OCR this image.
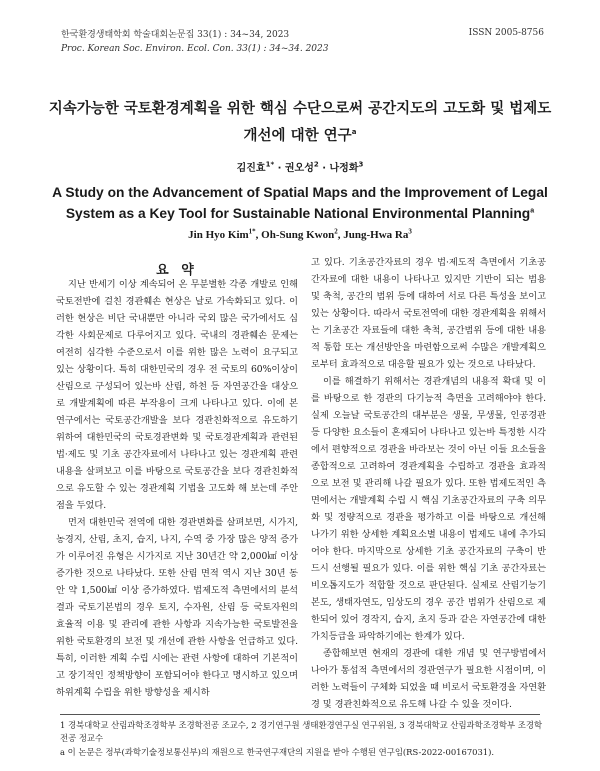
한국환경생태학회 학술대회논문집 33(1) : 34~34, 2023
Proc. Korean Soc. Environ. Ecol. Con. 33(1) : 34~34. 2023
ISSN 2005-8756
지속가능한 국토환경계획을 위한 핵심 수단으로써 공간지도의 고도화 및 법제도 개선에 대한 연구$^a$
김진효$^{1*}$ · 권오성$^2$ · 나정화$^3$
A Study on the Advancement of Spatial Maps and the Improvement of Legal System as a Key Tool for Sustainable National Environmental Planning$^a$
Jin Hyo Kim$^{1*}$, Oh-Sung Kwon$^2$, Jung-Hwa Ra$^3$
요 약

지난 반세기 이상 계속되어 온 무분별한 각종 개발로 인해 국토전반에 걸친 경관훼손 현상은 날로 가속화되고 있다. 이러한 현상은 비단 국내뿐만 아니라 국외 많은 국가에서도 심각한 사회문제로 다루어지고 있다. 국내의 경관훼손 문제는 여전히 심각한 수준으로서 이를 위한 많은 노력이 요구되고 있는 상황이다. 특히 대한민국의 경우 전 국토의 60%이상이 산림으로 구성되어 있는바 산림, 하천 등 자연공간을 대상으로 개발계획에 따른 부작용이 크게 나타나고 있다. 이에 본 연구에서는 국토공간개발을 보다 경관친화적으로 유도하기 위하여 대한민국의 국토경관변화 및 국토경관계획과 관련된 법·제도 및 기초 공간자료에서 나타나고 있는 경관계획 관련 내용을 살펴보고 이를 바탕으로 국토공간을 보다 경관친화적으로 유도할 수 있는 경관계획 기법을 고도화 해 보는데 주안점을 두었다.

먼저 대한민국 전역에 대한 경관변화를 살펴보면, 시가지, 농경지, 산림, 초지, 습지, 나지, 수역 중 가장 많은 양적 증가가 이루어진 유형은 시가지로 지난 30년간 약 2,000㎢ 이상 증가한 것으로 나타났다. 또한 산림 면적 역시 지난 30년 동안 약 1,500㎢ 이상 증가하였다. 법제도적 측면에서의 분석 결과 국토기본법의 경우 토지, 수자원, 산림 등 국토자원의 효율적 이용 및 관리에 관한 사항과 지속가능한 국토발전을 위한 국토환경의 보전 및 개선에 관한 사항을 언급하고 있다. 특히, 이러한 계획 수립 시에는 관련 사항에 대하여 기본적이고 장기적인 정책방향이 포함되어야 한다고 명시하고 있으며 하위계획 수립을 위한 방향성을 제시하

고 있다. 기초공간자료의 경우 법·제도적 측면에서 기초공간자료에 대한 내용이 나타나고 있지만 기반이 되는 범용 및 축척, 공간의 범위 등에 대하여 서로 다른 특성을 보이고 있는 상황이다. 따라서 국토전역에 대한 경관계획을 위해서는 기초공간 자료들에 대한 축척, 공간범위 등에 대한 내용적 통합 또는 개선방안을 마련함으로써 수많은 개발계획으로부터 효과적으로 대응할 필요가 있는 것으로 나타났다.

이를 해결하기 위해서는 경관개념의 내용적 확대 및 이를 바탕으로 한 경관의 다기능적 측면을 고려해야야 한다. 실제 오늘날 국토공간의 대부분은 생물, 무생물, 인공경관 등 다양한 요소들이 혼재되어 나타나고 있는바 특정한 시각에서 편향적으로 경관을 바라보는 것이 아닌 이들 요소들을 종합적으로 고려하여 경관계획을 수립하고 경관을 효과적으로 보전 및 관리해 나갈 필요가 있다. 또한 법제도적인 측면에서는 개발계획 수립 시 핵심 기초공간자료의 구축 의무화 및 정량적으로 경관을 평가하고 이를 바탕으로 개선해 나가기 위한 상세한 계획요소별 내용이 법제도 내에 추가되어야 한다. 마지막으로 상세한 기초 공간자료의 구축이 반드시 선행될 필요가 있다. 이를 위한 핵심 기초 공간자료는 비오톱지도가 적합할 것으로 판단된다. 실제로 산림기능기본도, 생태자연도, 임상도의 경우 공간 범위가 산림으로 제한되어 있어 경작지, 습지, 초지 등과 같은 자연공간에 대한 가치등급을 파악하기에는 한계가 있다.

종합해보면 현재의 경관에 대한 개념 및 연구방법에서 나아가 통섭적 측면에서의 경관연구가 필요한 시점이며, 이러한 노력들이 구체화 되었을 때 비로서 국토환경을 자연환경 및 경관친화적으로 유도해 나갈 수 있을 것이다.

1 경북대학교 산림과학조경학부 조경학전공 조교수, 2 경기연구원 생태환경연구실 연구위원, 3 경북대학교 산림과학조경학부 조경학전공 정교수
a 이 논문은 정부(과학기술정보통신부)의 재원으로 한국연구재단의 지원을 받아 수행된 연구임(RS-2022-00167031).
